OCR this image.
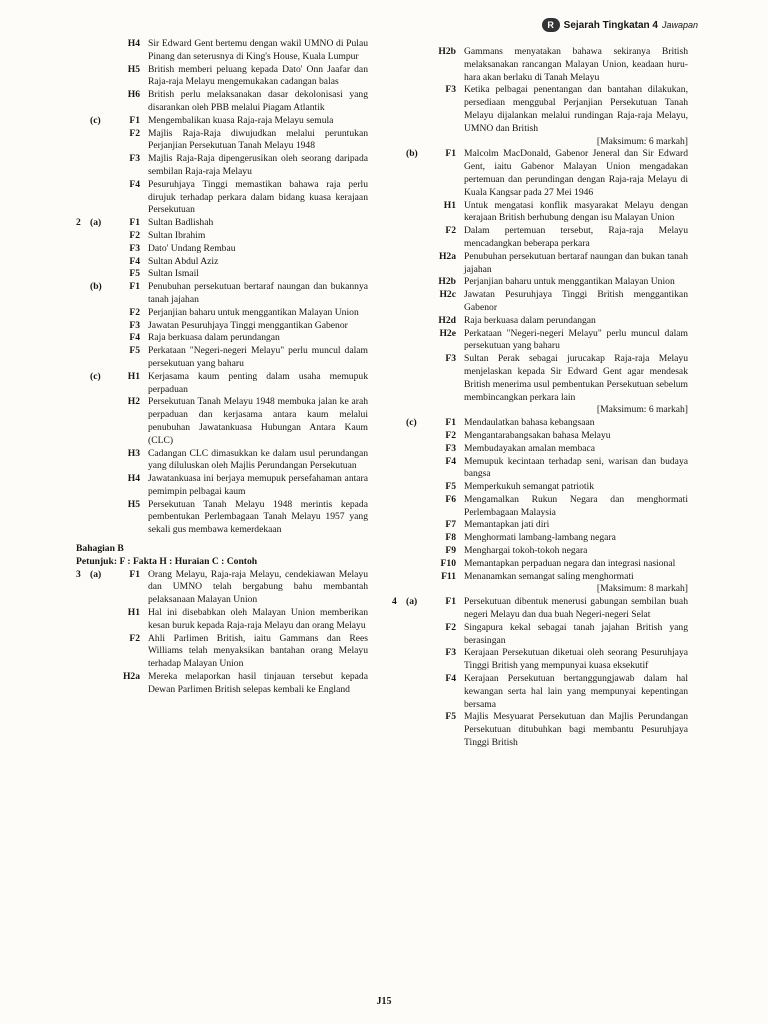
R Sejarah Tingkatan 4 Jawapan
H4 Sir Edward Gent bertemu dengan wakil UMNO di Pulau Pinang dan seterusnya di King's House, Kuala Lumpur
H5 British memberi peluang kepada Dato' Onn Jaafar dan Raja-raja Melayu mengemukakan cadangan balas
H6 British perlu melaksanakan dasar dekolonisasi yang disarankan oleh PBB melalui Piagam Atlantik
(c)	F1 Mengembalikan kuasa Raja-raja Melayu semula
F2 Majlis Raja-Raja diwujudkan melalui peruntukan Perjanjian Persekutuan Tanah Melayu 1948
F3 Majlis Raja-Raja dipengerusikan oleh seorang daripada sembilan Raja-raja Melayu
F4 Pesuruhjaya Tinggi memastikan bahawa raja perlu dirujuk terhadap perkara dalam bidang kuasa kerajaan Persekutuan
2 (a)	F1 Sultan Badlishah
F2 Sultan Ibrahim
F3 Dato' Undang Rembau
F4 Sultan Abdul Aziz
F5 Sultan Ismail
(b)	F1 Penubuhan persekutuan bertaraf naungan dan bukannya tanah jajahan
F2 Perjanjian baharu untuk menggantikan Malayan Union
F3 Jawatan Pesuruhjaya Tinggi menggantikan Gabenor
F4 Raja berkuasa dalam perundangan
F5 Perkataan "Negeri-negeri Melayu" perlu muncul dalam persekutuan yang baharu
(c)	H1 Kerjasama kaum penting dalam usaha memupuk perpaduan
H2 Persekutuan Tanah Melayu 1948 membuka jalan ke arah perpaduan dan kerjasama antara kaum melalui penubuhan Jawatankuasa Hubungan Antara Kaum (CLC)
H3 Cadangan CLC dimasukkan ke dalam usul perundangan yang diluluskan oleh Majlis Perundangan Persekutuan
H4 Jawatankuasa ini berjaya memupuk persefahaman antara pemimpin pelbagai kaum
H5 Persekutuan Tanah Melayu 1948 merintis kepada pembentukan Perlembagaan Tanah Melayu 1957 yang sekali gus membawa kemerdekaan
Bahagian B
Petunjuk: F : Fakta H : Huraian C : Contoh
3 (a)	F1 Orang Melayu, Raja-raja Melayu, cendekiawan Melayu dan UMNO telah bergabung bahu membantah pelaksanaan Malayan Union
H1 Hal ini disebabkan oleh Malayan Union memberikan kesan buruk kepada Raja-raja Melayu dan orang Melayu
F2 Ahli Parlimen British, iaitu Gammans dan Rees Williams telah menyaksikan bantahan orang Melayu terhadap Malayan Union
H2a Mereka melaporkan hasil tinjauan tersebut kepada Dewan Parlimen British selepas kembali ke England
H2b Gammans menyatakan bahawa sekiranya British melaksanakan rancangan Malayan Union, keadaan huru-hara akan berlaku di Tanah Melayu
F3 Ketika pelbagai penentangan dan bantahan dilakukan, persediaan menggubal Perjanjian Persekutuan Tanah Melayu dijalankan melalui rundingan Raja-raja Melayu, UMNO dan British
[Maksimum: 6 markah]
(b)	F1 Malcolm MacDonald, Gabenor Jeneral dan Sir Edward Gent, iaitu Gabenor Malayan Union mengadakan pertemuan dan perundingan dengan Raja-raja Melayu di Kuala Kangsar pada 27 Mei 1946
H1 Untuk mengatasi konflik masyarakat Melayu dengan kerajaan British berhubung dengan isu Malayan Union
F2 Dalam pertemuan tersebut, Raja-raja Melayu mencadangkan beberapa perkara
H2a Penubuhan persekutuan bertaraf naungan dan bukan tanah jajahan
H2b Perjanjian baharu untuk menggantikan Malayan Union
H2c Jawatan Pesuruhjaya Tinggi British menggantikan Gabenor
H2d Raja berkuasa dalam perundangan
H2e Perkataan "Negeri-negeri Melayu" perlu muncul dalam persekutuan yang baharu
F3 Sultan Perak sebagai jurucakap Raja-raja Melayu menjelaskan kepada Sir Edward Gent agar mendesak British menerima usul pembentukan Persekutuan sebelum membincangkan perkara lain
[Maksimum: 6 markah]
(c)	F1 Mendaulatkan bahasa kebangsaan
F2 Mengantarabangsakan bahasa Melayu
F3 Membudayakan amalan membaca
F4 Memupuk kecintaan terhadap seni, warisan dan budaya bangsa
F5 Memperkukuh semangat patriotik
F6 Mengamalkan Rukun Negara dan menghormati Perlembagaan Malaysia
F7 Memantapkan jati diri
F8 Menghormati lambang-lambang negara
F9 Menghargai tokoh-tokoh negara
F10 Memantapkan perpaduan negara dan integrasi nasional
F11 Menanamkan semangat saling menghormati
[Maksimum: 8 markah]
4 (a)	F1 Persekutuan dibentuk menerusi gabungan sembilan buah negeri Melayu dan dua buah Negeri-negeri Selat
F2 Singapura kekal sebagai tanah jajahan British yang berasingan
F3 Kerajaan Persekutuan diketuai oleh seorang Pesuruhjaya Tinggi British yang mempunyai kuasa eksekutif
F4 Kerajaan Persekutuan bertanggungjawab dalam hal kewangan serta hal lain yang mempunyai kepentingan bersama
F5 Majlis Mesyuarat Persekutuan dan Majlis Perundangan Persekutuan ditubuhkan bagi membantu Pesuruhjaya Tinggi British
J15
